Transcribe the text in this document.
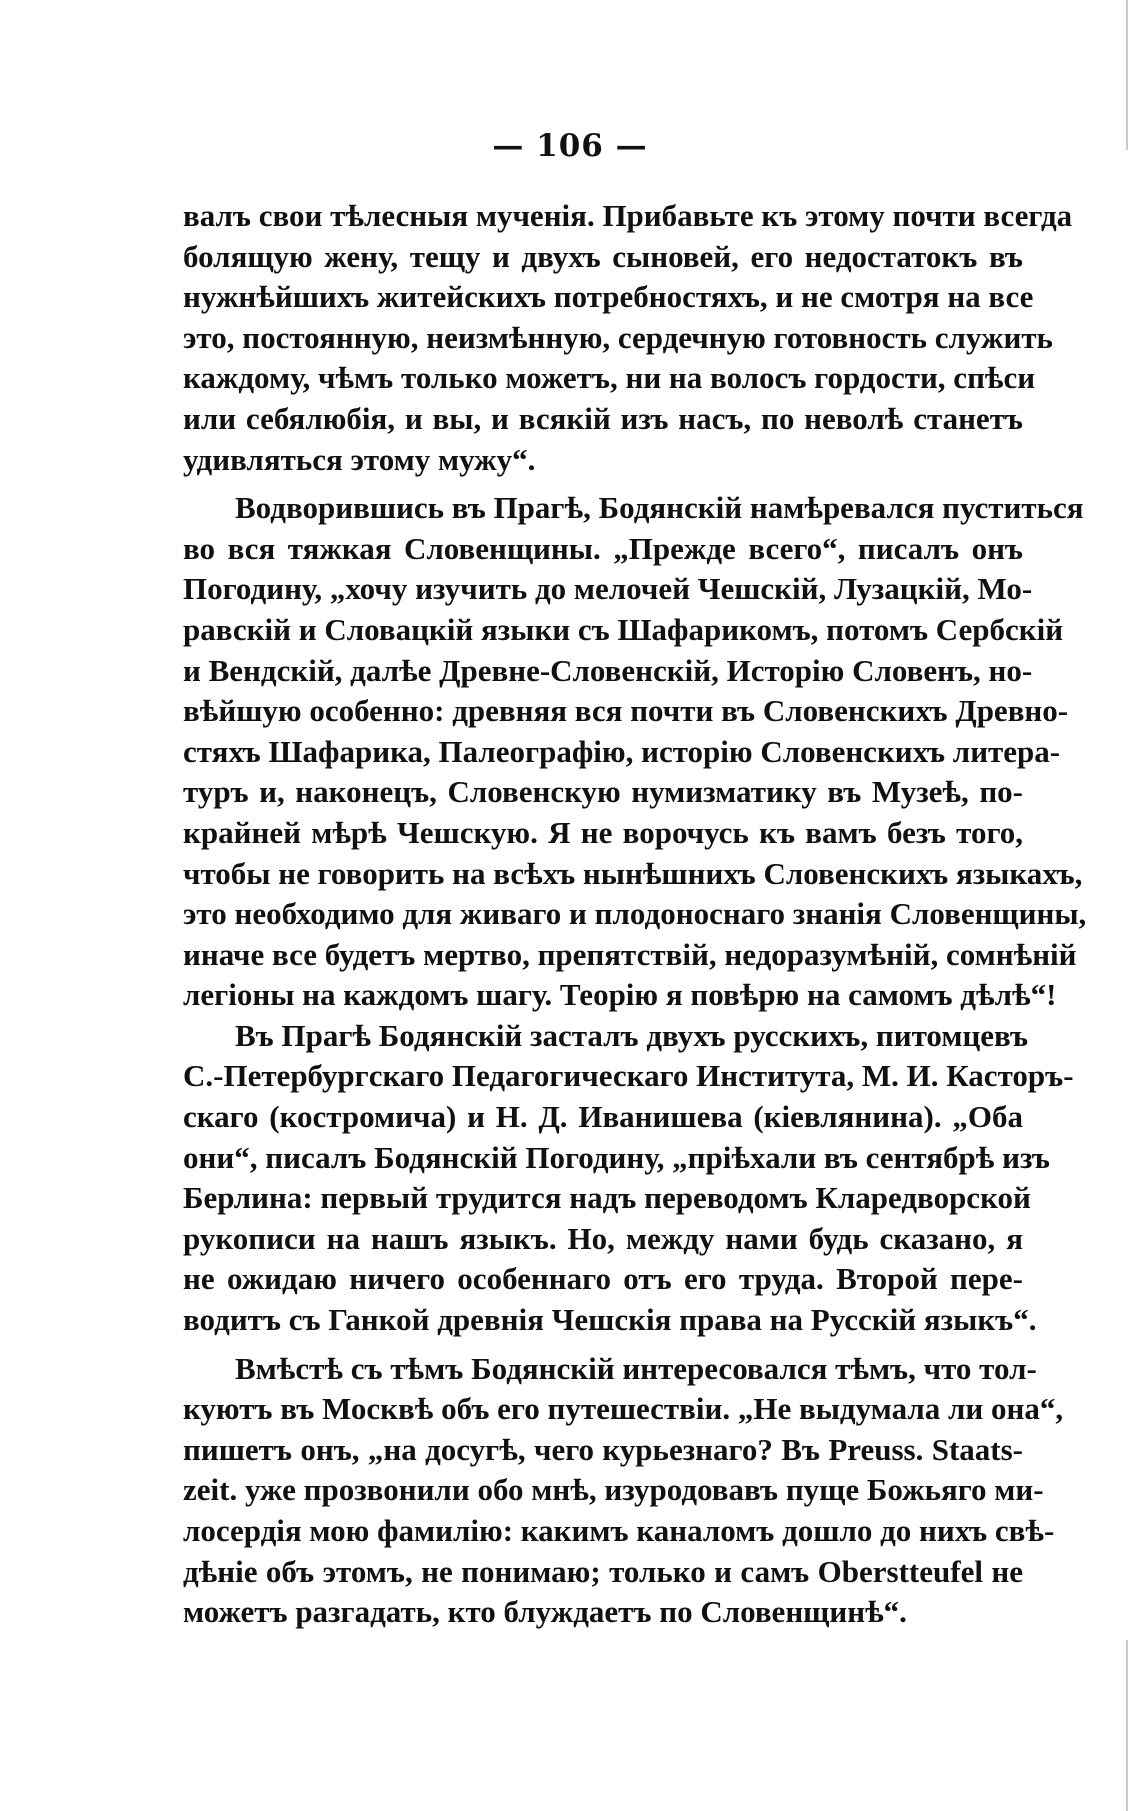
— 106 —
валъ свои тѣлесныя мученія. Прибавьте къ этому почти всегда
болящую жену, тещу и двухъ сыновей, его недостатокъ въ
нужнѣйшихъ житейскихъ потребностяхъ, и не смотря на все
это, постоянную, неизмѣнную, сердечную готовность служить
каждому, чѣмъ только можетъ, ни на волосъ гордости, спѣси
или себялюбія, и вы, и всякій изъ насъ, по неволѣ станетъ
удивляться этому мужу“.
Водворившись въ Прагѣ, Бодянскій намѣревался пуститься
во вся тяжкая Словенщины. „Прежде всего“, писалъ онъ
Погодину, „хочу изучить до мелочей Чешскій, Лузацкій, Мо-
равскій и Словацкій языки съ Шафарикомъ, потомъ Сербскій
и Вендскій, далѣе Древне-Словенскій, Исторію Словенъ, но-
вѣйшую особенно: древняя вся почти въ Словенскихъ Древно-
стяхъ Шафарика, Палеографію, исторію Словенскихъ литера-
туръ и, наконецъ, Словенскую нумизматику въ Музеѣ, по-
крайней мѣрѣ Чешскую. Я не ворочусь къ вамъ безъ того,
чтобы не говорить на всѣхъ нынѣшнихъ Словенскихъ языкахъ,
это необходимо для живаго и плодоноснаго знанія Словенщины,
иначе все будетъ мертво, препятствій, недоразумѣній, сомнѣній
легіоны на каждомъ шагу. Теорію я повѣрю на самомъ дѣлѣ“!
Въ Прагѣ Бодянскій засталъ двухъ русскихъ, питомцевъ
С.-Петербургскаго Педагогическаго Института, М. И. Касторъ-
скаго (костромича) и Н. Д. Иванишева (кіевлянина). „Оба
они“, писалъ Бодянскій Погодину, „пріѣхали въ сентябрѣ изъ
Берлина: первый трудится надъ переводомъ Клaредворской
рукописи на нашъ языкъ. Но, между нами будь сказано, я
не ожидаю ничего особеннаго отъ его труда. Второй пере-
водитъ съ Ганкой древнія Чешскія права на Русскій языкъ“.
Вмѣстѣ съ тѣмъ Бодянскій интересовался тѣмъ, что тол-
куютъ въ Москвѣ объ его путешествіи. „Не выдумала ли она“,
пишетъ онъ, „на досугѣ, чего курьезнаго? Въ Preuss. Staats-
zeit. уже прозвонили обо мнѣ, изуродовавъ пуще Божьяго ми-
лосердія мою фамилію: какимъ каналомъ дошло до нихъ свѣ-
дѣніе объ этомъ, не понимаю; только и самъ Obersttеufel не
можетъ разгадать, кто блуждаетъ по Словенщинѣ“.
